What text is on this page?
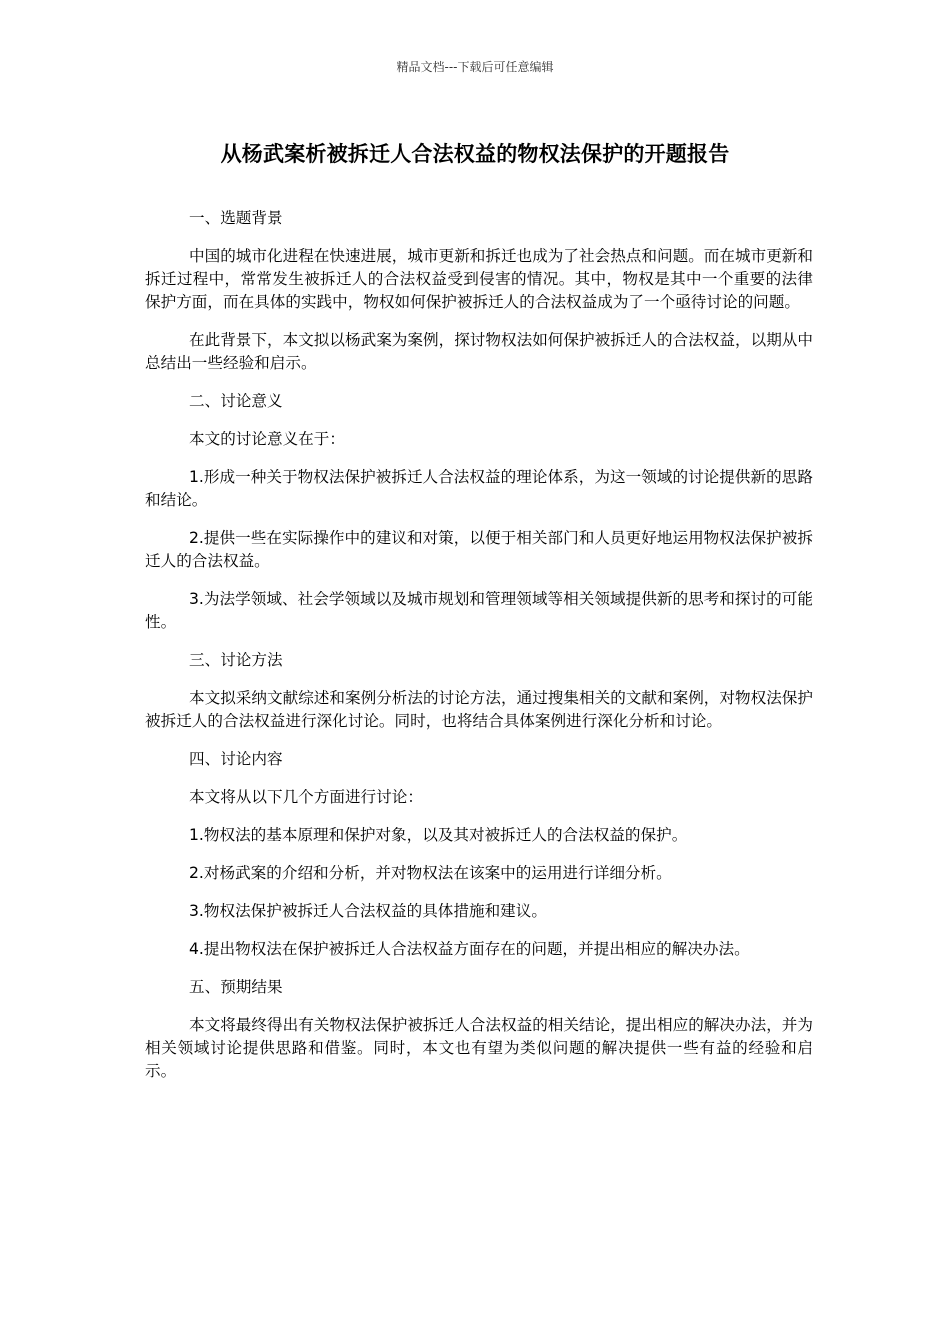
精品文档---下载后可任意编辑
从杨武案析被拆迁人合法权益的物权法保护的开题报告

一、选题背景

中国的城市化进程在快速进展，城市更新和拆迁也成为了社会热点和问题。而在城市更新和拆迁过程中，常常发生被拆迁人的合法权益受到侵害的情况。其中，物权是其中一个重要的法律保护方面，而在具体的实践中，物权如何保护被拆迁人的合法权益成为了一个亟待讨论的问题。

在此背景下，本文拟以杨武案为案例，探讨物权法如何保护被拆迁人的合法权益，以期从中总结出一些经验和启示。

二、讨论意义

本文的讨论意义在于：

1.形成一种关于物权法保护被拆迁人合法权益的理论体系，为这一领域的讨论提供新的思路和结论。

2.提供一些在实际操作中的建议和对策，以便于相关部门和人员更好地运用物权法保护被拆迁人的合法权益。

3.为法学领域、社会学领域以及城市规划和管理领域等相关领域提供新的思考和探讨的可能性。

三、讨论方法

本文拟采纳文献综述和案例分析法的讨论方法，通过搜集相关的文献和案例，对物权法保护被拆迁人的合法权益进行深化讨论。同时，也将结合具体案例进行深化分析和讨论。

四、讨论内容

本文将从以下几个方面进行讨论：

1.物权法的基本原理和保护对象，以及其对被拆迁人的合法权益的保护。

2.对杨武案的介绍和分析，并对物权法在该案中的运用进行详细分析。

3.物权法保护被拆迁人合法权益的具体措施和建议。

4.提出物权法在保护被拆迁人合法权益方面存在的问题，并提出相应的解决办法。

五、预期结果

本文将最终得出有关物权法保护被拆迁人合法权益的相关结论，提出相应的解决办法，并为相关领域讨论提供思路和借鉴。同时，本文也有望为类似问题的解决提供一些有益的经验和启示。
